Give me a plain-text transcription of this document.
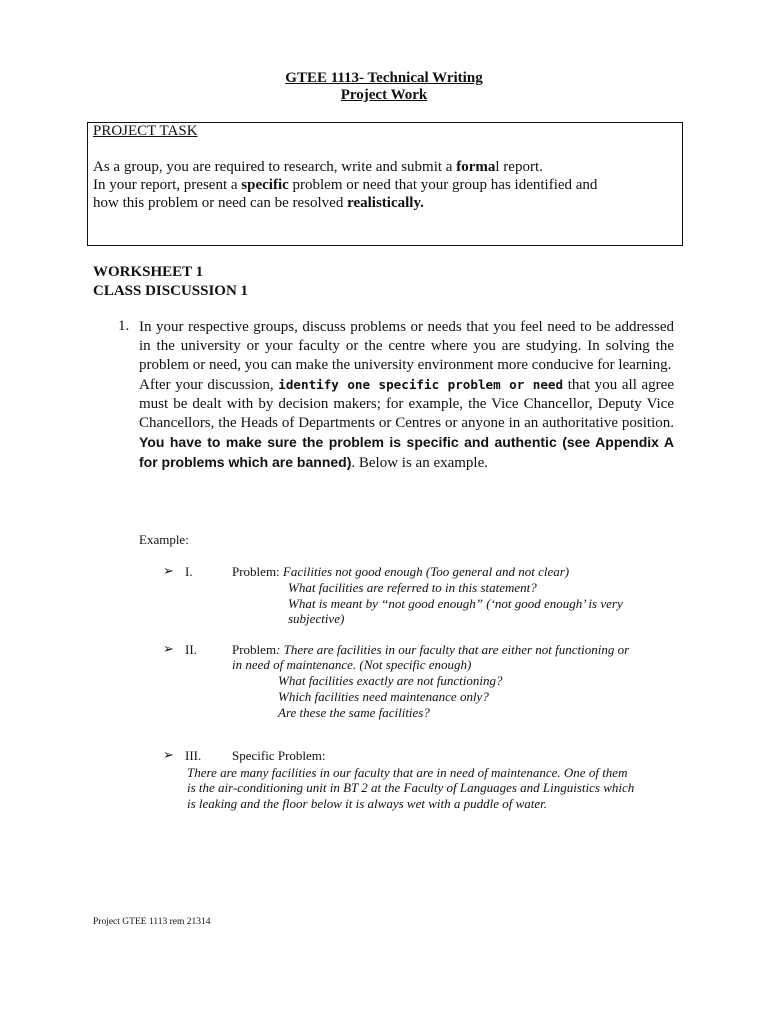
GTEE 1113- Technical Writing
Project Work
PROJECT TASK
As a group, you are required to research, write and submit a formal report.
In your report, present a specific problem or need that your group has identified and
how this problem or need can be resolved realistically.
WORKSHEET 1
CLASS DISCUSSION 1
1. In your respective groups, discuss problems or needs that you feel need to be addressed in the university or your faculty or the centre where you are studying. In solving the problem or need, you can make the university environment more conducive for learning.
After your discussion, identify one specific problem or need that you all agree must be dealt with by decision makers; for example, the Vice Chancellor, Deputy Vice Chancellors, the Heads of Departments or Centres or anyone in an authoritative position. You have to make sure the problem is specific and authentic (see Appendix A for problems which are banned). Below is an example.
Example:
➢ I.	Problem: Facilities not good enough (Too general and not clear)
What facilities are referred to in this statement?
What is meant by “not good enough” (‘not good enough’ is very
subjective)
➢ II.	Problem: There are facilities in our faculty that are either not functioning or
in need of maintenance. (Not specific enough)
What facilities exactly are not functioning?
Which facilities need maintenance only?
Are these the same facilities?
➢ III. Specific Problem:
There are many facilities in our faculty that are in need of maintenance. One of them
is the air-conditioning unit in BT 2 at the Faculty of Languages and Linguistics which
is leaking and the floor below it is always wet with a puddle of water.
Project GTEE 1113 rem 21314
